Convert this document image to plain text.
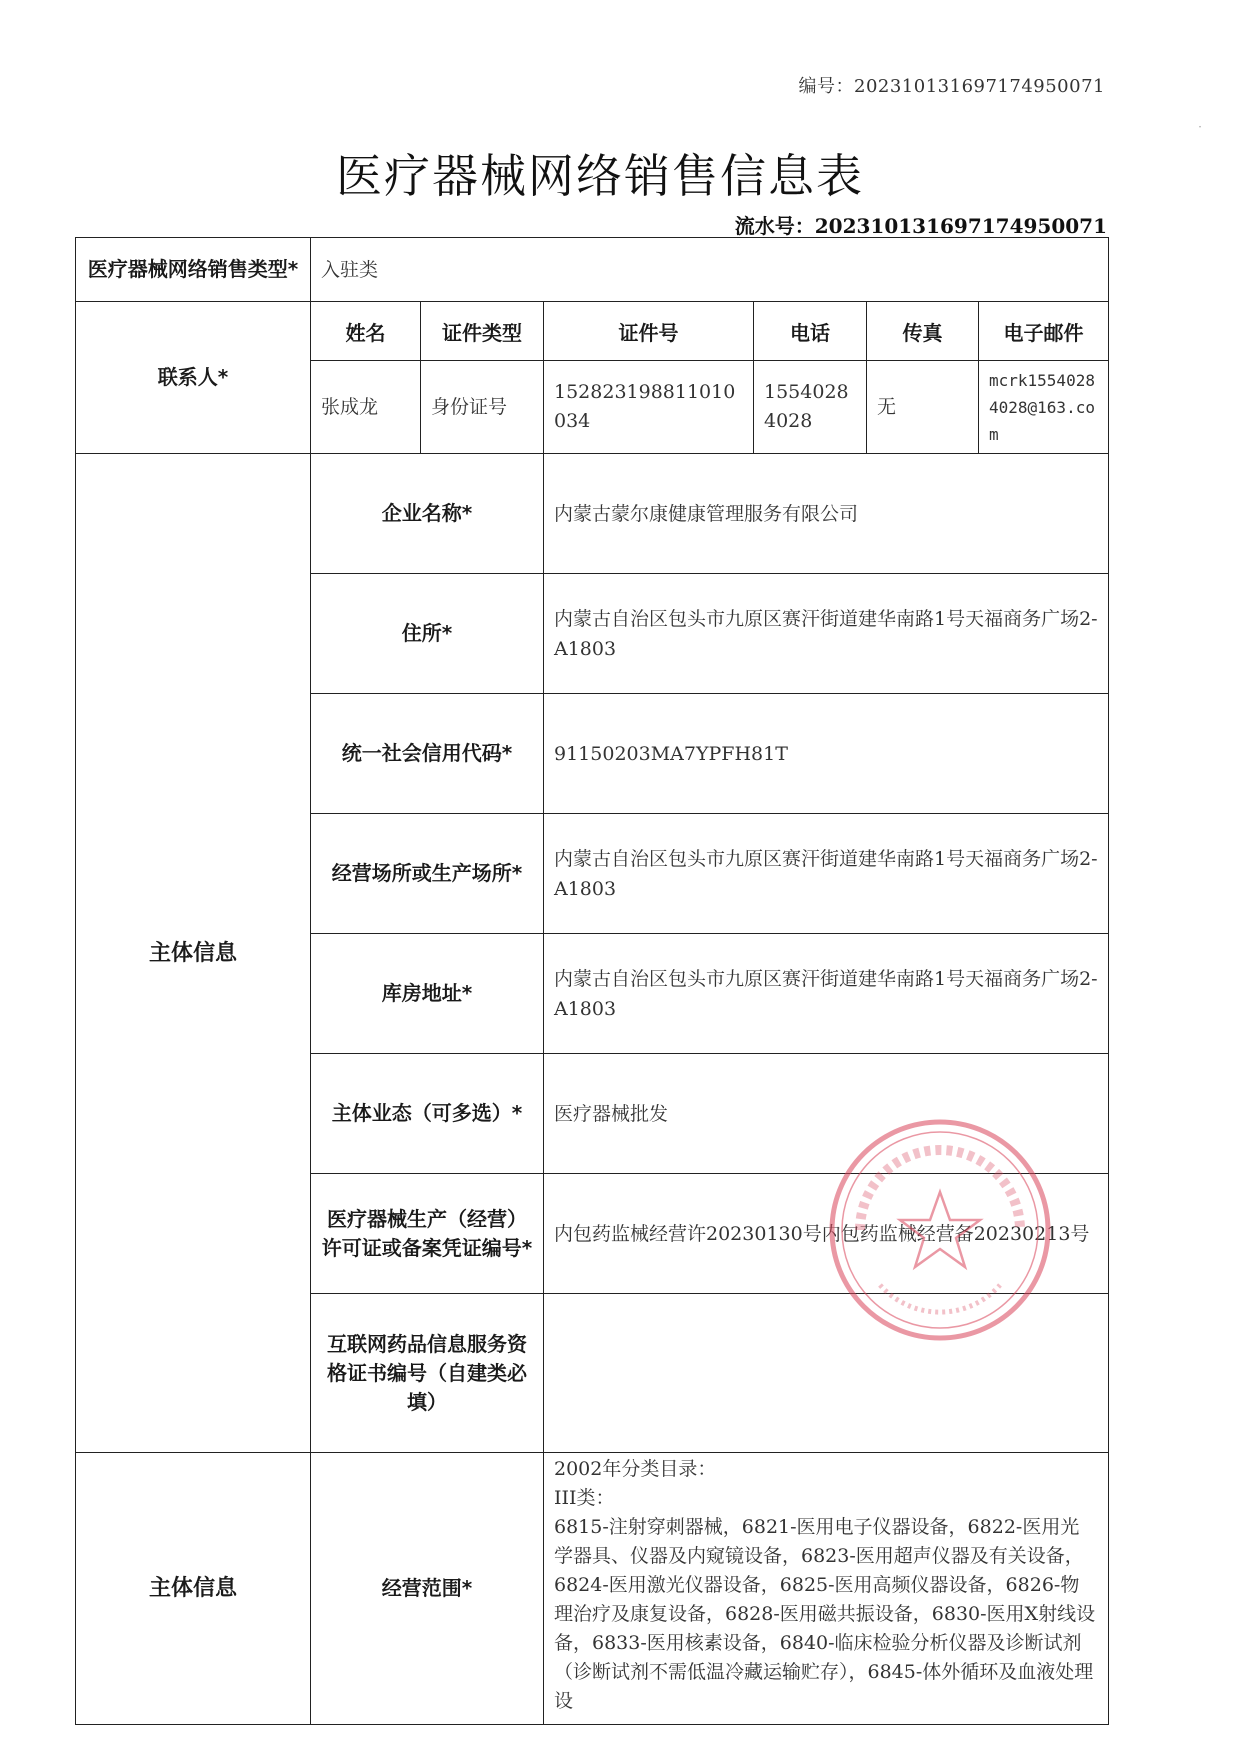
·
编号：20231013169717495​0071
医疗器械网络销售信息表
流水号：20231013169717495​0071
医疗器械网络销售类型*	入驻类					
联系人*	姓名	证件类型	证件号	电话	传真	电子邮件
	张成龙	身份证号	152823198811010034	15540284028	无	mcrk15540284028@163.com
主体信息	企业名称*		内蒙古蒙尔康健康管理服务有限公司			
	住所*		内蒙古自治区包头市九原区赛汗街道建华南路1号天福商务广场2-A1803			
	统一社会信用代码*		91150203MA7YPFH81T			
	经营场所或生产场所*		内蒙古自治区包头市九原区赛汗街道建华南路1号天福商务广场2-A1803			
	库房地址*		内蒙古自治区包头市九原区赛汗街道建华南路1号天福商务广场2-A1803			
	主体业态（可多选）*		医疗器械批发			
	医疗器械生产（经营）许可证或备案凭证编号*		内包药监械经营许20230130号内包药监械经营备20230213号			
	互联网药品信息服务资格证书编号（自建类必填）					
主体信息	经营范围*		2002年分类目录：
III类：
6815-注射穿刺器械，6821-医用电子仪器设备，6822-医用光学器具、仪器及内窥镜设备，6823-医用超声仪器及有关设备，6824-医用激光仪器设备，6825-医用高频仪器设备，6826-物理治疗及康复设备，6828-医用磁共振设备，6830-医用X射线设备，6833-医用核素设备，6840-临床检验分析仪器及诊断试剂（诊断试剂不需低温冷藏运输贮存），6845-体外循环及血液处理设			
